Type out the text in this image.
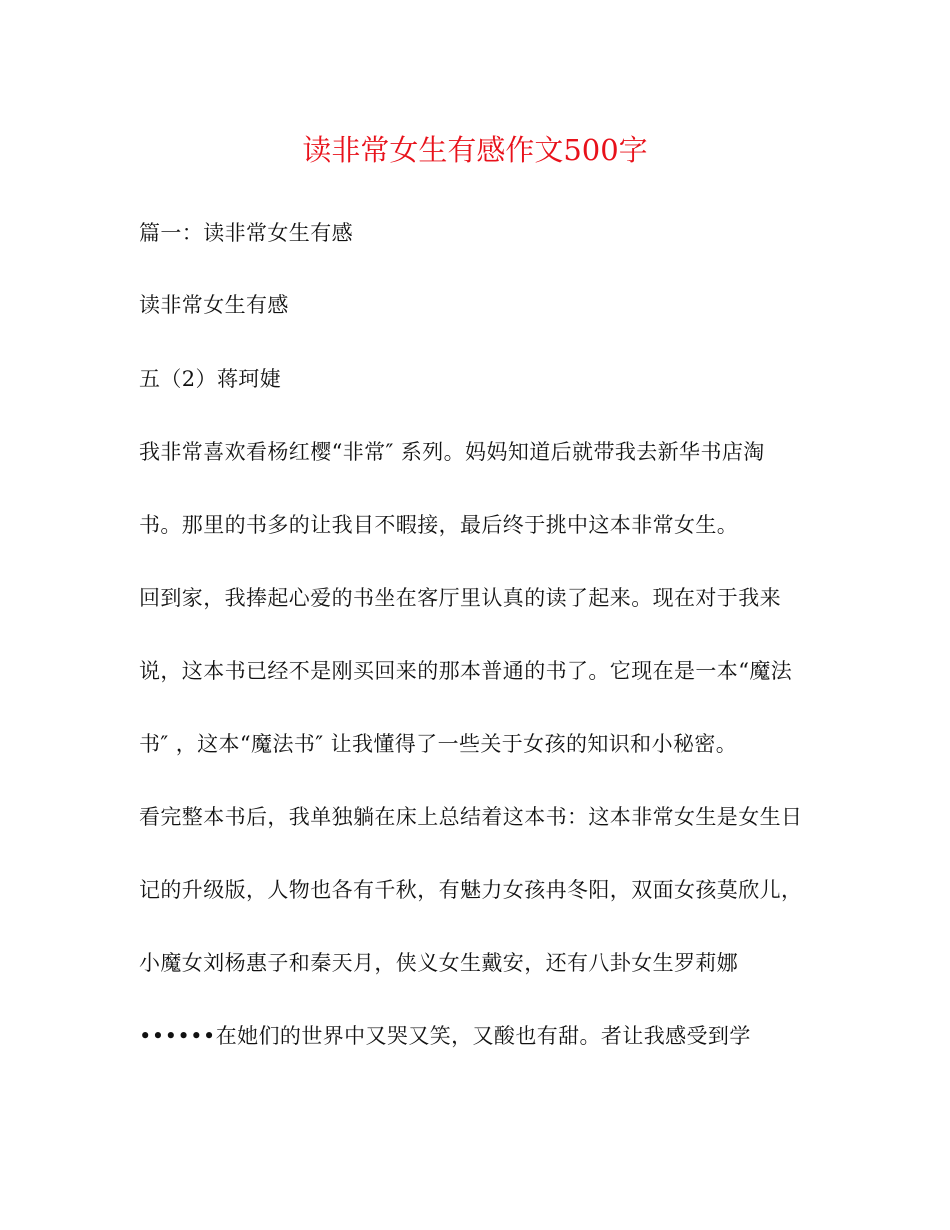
读非常女生有感作文500字
篇一：读非常女生有感
读非常女生有感
五（2）蒋珂婕
我非常喜欢看杨红樱“非常″ 系列。妈妈知道后就带我去新华书店淘
书。那里的书多的让我目不暇接，最后终于挑中这本非常女生。
回到家，我捧起心爱的书坐在客厅里认真的读了起来。现在对于我来
说，这本书已经不是刚买回来的那本普通的书了。它现在是一本“魔法
书″ ，这本“魔法书″ 让我懂得了一些关于女孩的知识和小秘密。
看完整本书后，我单独躺在床上总结着这本书：这本非常女生是女生日
记的升级版，人物也各有千秋，有魅力女孩冉冬阳，双面女孩莫欣儿，
小魔女刘杨惠子和秦天月，侠义女生戴安，还有八卦女生罗莉娜
••••••在她们的世界中又哭又笑，又酸也有甜。者让我感受到学
